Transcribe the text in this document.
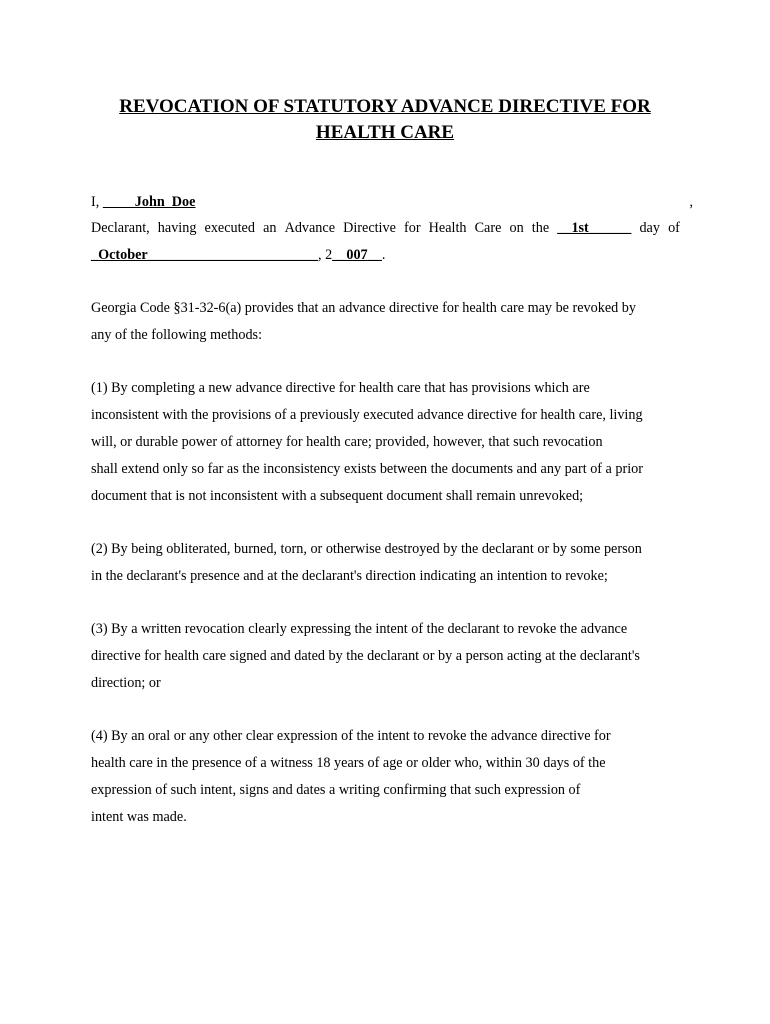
REVOCATION OF STATUTORY ADVANCE DIRECTIVE FOR HEALTH CARE
I,
	John  Doe	,
Declarant, having executed an Advance Directive for Health Care on the __1st______ day of
_October________________________, 2__007__.
Georgia Code §31-32-6(a) provides that an advance directive for health care may be revoked by
any of the following methods:
(1) By completing a new advance directive for health care that has provisions which are
inconsistent with the provisions of a previously executed advance directive for health care, living
will, or durable power of attorney for health care; provided, however, that such revocation
shall extend only so far as the inconsistency exists between the documents and any part of a prior
document that is not inconsistent with a subsequent document shall remain unrevoked;
(2) By being obliterated, burned, torn, or otherwise destroyed by the declarant or by some person
in the declarant's presence and at the declarant's direction indicating an intention to revoke;
(3) By a written revocation clearly expressing the intent of the declarant to revoke the advance
directive for health care signed and dated by the declarant or by a person acting at the declarant's
direction; or
(4) By an oral or any other clear expression of the intent to revoke the advance directive for
health care in the presence of a witness 18 years of age or older who, within 30 days of the
expression of such intent, signs and dates a writing confirming that such expression of
intent was made.
